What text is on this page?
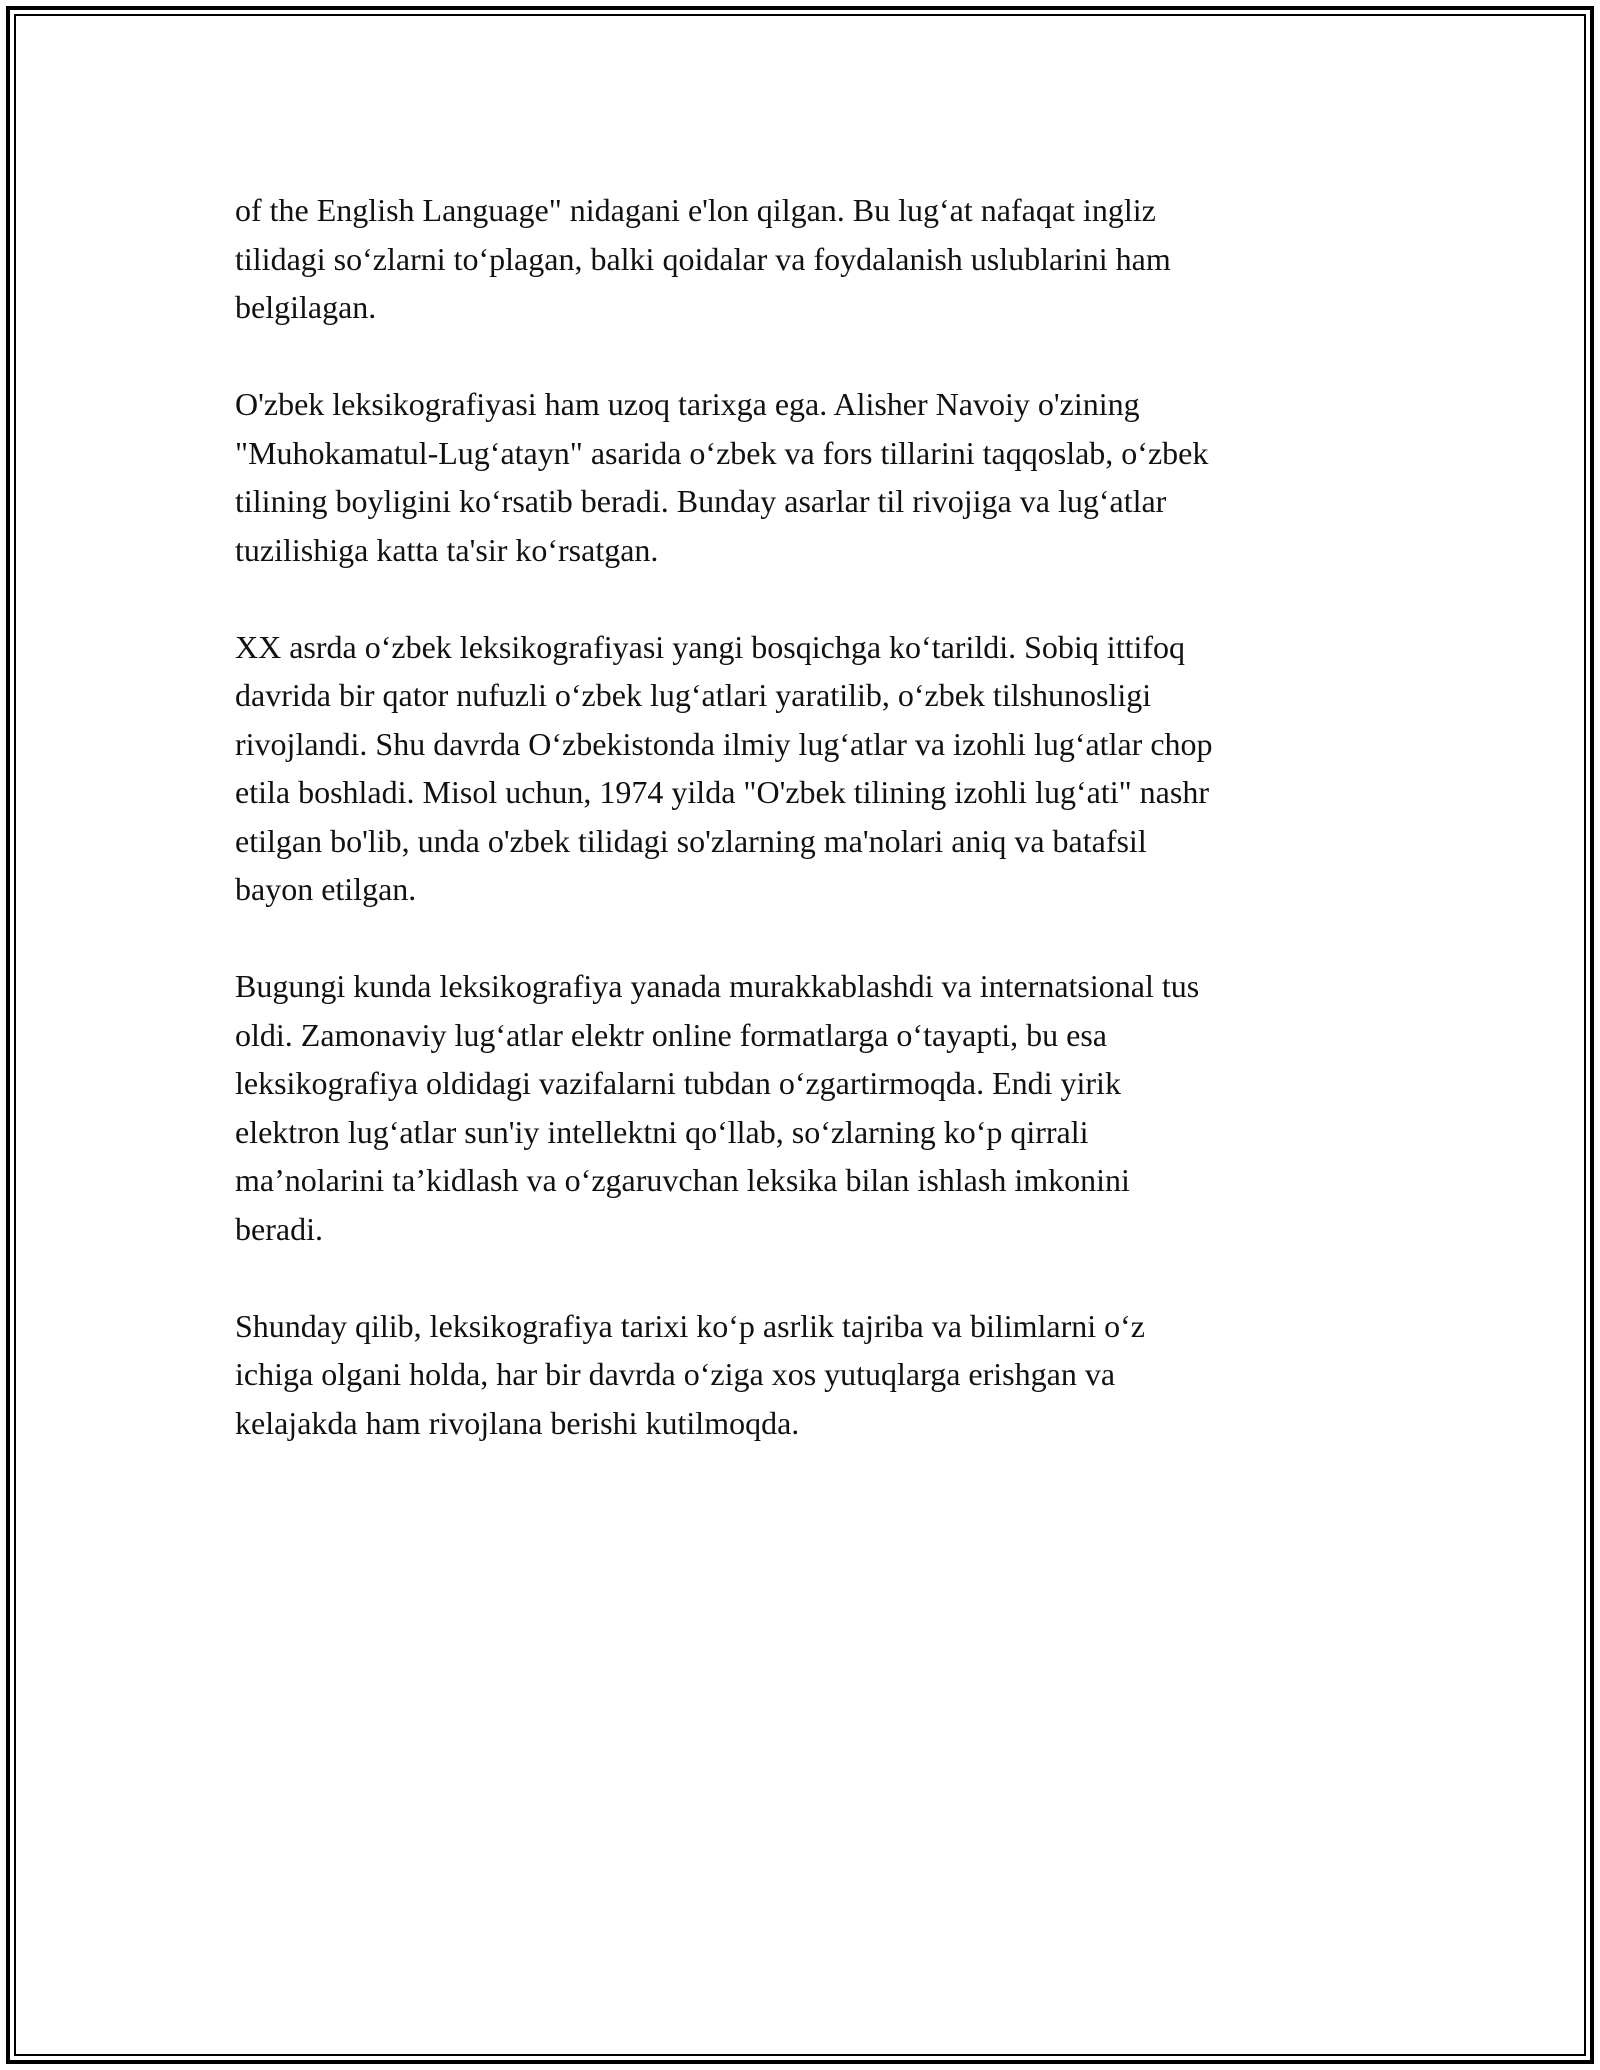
of the English Language" nidagani e'lon qilgan. Bu lug‘at nafaqat ingliz
tilidagi so‘zlarni to‘plagan, balki qoidalar va foydalanish uslublarini ham
belgilagan.

O'zbek leksikografiyasi ham uzoq tarixga ega. Alisher Navoiy o'zining
"Muhokamatul-Lug‘atayn" asarida o‘zbek va fors tillarini taqqoslab, o‘zbek
tilining boyligini ko‘rsatib beradi. Bunday asarlar til rivojiga va lug‘atlar
tuzilishiga katta ta'sir ko‘rsatgan.

XX asrda o‘zbek leksikografiyasi yangi bosqichga ko‘tarildi. Sobiq ittifoq
davrida bir qator nufuzli o‘zbek lug‘atlari yaratilib, o‘zbek tilshunosligi
rivojlandi. Shu davrda O‘zbekistonda ilmiy lug‘atlar va izohli lug‘atlar chop
etila boshladi. Misol uchun, 1974 yilda "O'zbek tilining izohli lug‘ati" nashr
etilgan bo'lib, unda o'zbek tilidagi so'zlarning ma'nolari aniq va batafsil
bayon etilgan.

Bugungi kunda leksikografiya yanada murakkablashdi va internatsional tus
oldi. Zamonaviy lug‘atlar elektr online formatlarga o‘tayapti, bu esa
leksikografiya oldidagi vazifalarni tubdan o‘zgartirmoqda. Endi yirik
elektron lug‘atlar sun'iy intellektni qo‘llab, so‘zlarning ko‘p qirrali
ma’nolarini ta’kidlash va o‘zgaruvchan leksika bilan ishlash imkonini
beradi.

Shunday qilib, leksikografiya tarixi ko‘p asrlik tajriba va bilimlarni o‘z
ichiga olgani holda, har bir davrda o‘ziga xos yutuqlarga erishgan va
kelajakda ham rivojlana berishi kutilmoqda.
